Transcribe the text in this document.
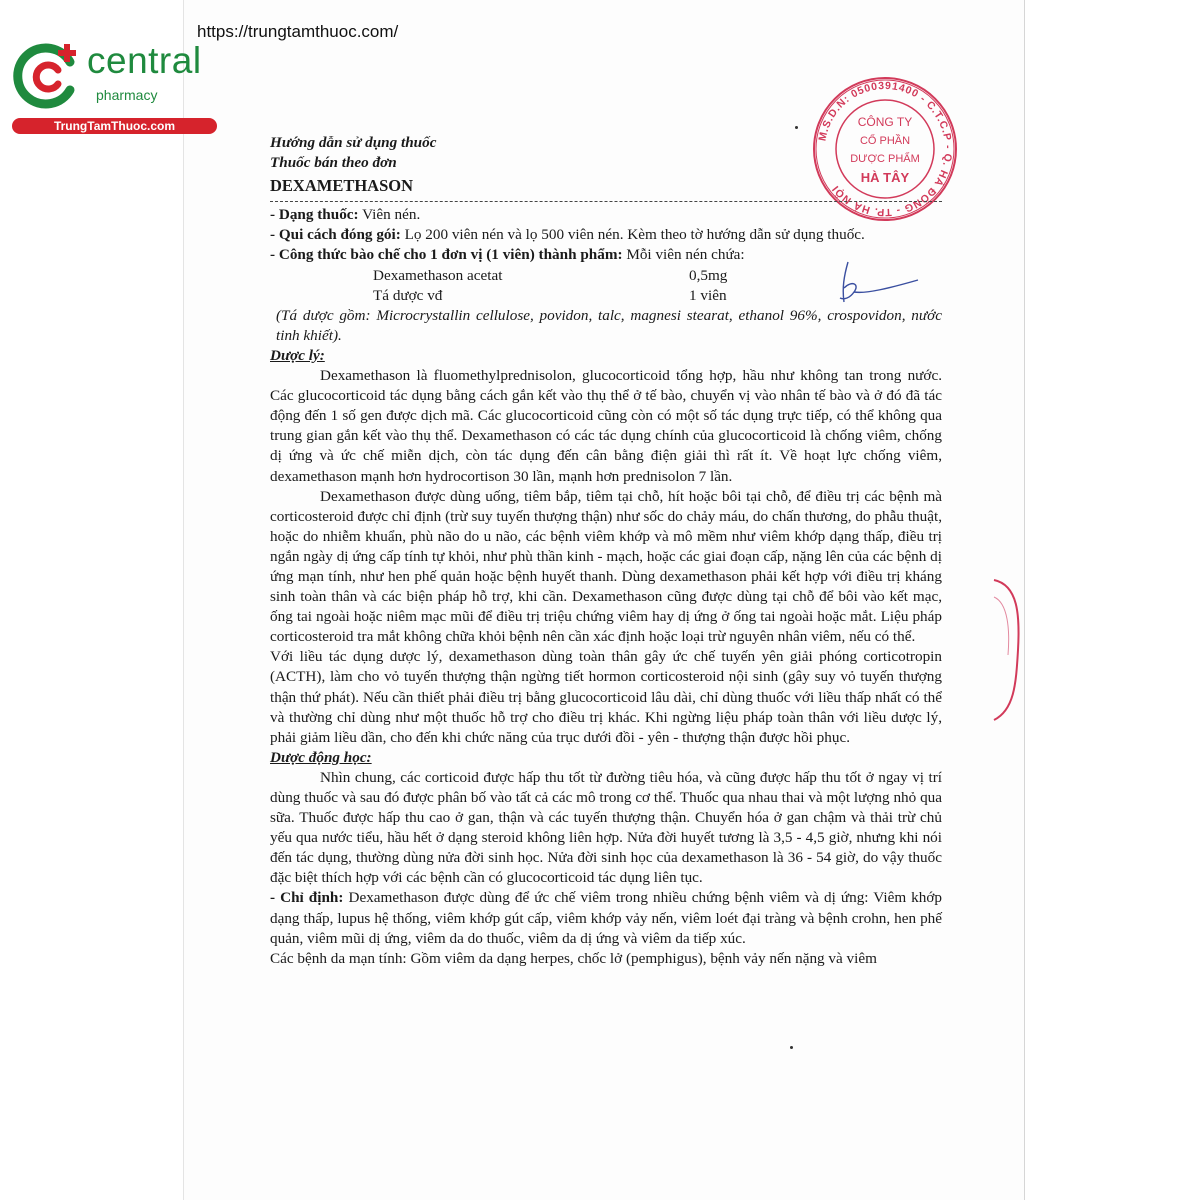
central
pharmacy
TrungTamThuoc.com
https://trungtamthuoc.com/
M.S.D.N: 0500391400 - C.T.C.P - Q. HÀ ĐÔNG - TP. HÀ NỘI
CÔNG TY
CỔ PHẦN
DƯỢC PHẨM
HÀ TÂY

Hướng dẫn sử dụng thuốc

Thuốc bán theo đơn

DEXAMETHASON

- Dạng thuốc: Viên nén.

- Qui cách đóng gói: Lọ 200 viên nén và lọ 500 viên nén. Kèm theo tờ hướng dẫn sử dụng thuốc.

- Công thức bào chế cho 1 đơn vị (1 viên) thành phẩm: Mỗi viên nén chứa:

Dexamethason acetat	0,5mg
Tá dược vđ	1 viên

(Tá dược gồm: Microcrystallin cellulose, povidon, talc, magnesi stearat, ethanol 96%, crospovidon, nước tinh khiết).

Dược lý:

Dexamethason là fluomethylprednisolon, glucocorticoid tổng hợp, hầu như không tan trong nước. Các glucocorticoid tác dụng bằng cách gắn kết vào thụ thể ở tế bào, chuyển vị vào nhân tế bào và ở đó đã tác động đến 1 số gen được dịch mã. Các glucocorticoid cũng còn có một số tác dụng trực tiếp, có thể không qua trung gian gắn kết vào thụ thể. Dexamethason có các tác dụng chính của glucocorticoid là chống viêm, chống dị ứng và ức chế miễn dịch, còn tác dụng đến cân bằng điện giải thì rất ít. Về hoạt lực chống viêm, dexamethason mạnh hơn hydrocortison 30 lần, mạnh hơn prednisolon 7 lần.

Dexamethason được dùng uống, tiêm bắp, tiêm tại chỗ, hít hoặc bôi tại chỗ, để điều trị các bệnh mà corticosteroid được chỉ định (trừ suy tuyến thượng thận) như sốc do chảy máu, do chấn thương, do phẫu thuật, hoặc do nhiễm khuẩn, phù não do u não, các bệnh viêm khớp và mô mềm như viêm khớp dạng thấp, điều trị ngắn ngày dị ứng cấp tính tự khỏi, như phù thần kinh - mạch, hoặc các giai đoạn cấp, nặng lên của các bệnh dị ứng mạn tính, như hen phế quản hoặc bệnh huyết thanh. Dùng dexamethason phải kết hợp với điều trị kháng sinh toàn thân và các biện pháp hỗ trợ, khi cần. Dexamethason cũng được dùng tại chỗ để bôi vào kết mạc, ống tai ngoài hoặc niêm mạc mũi để điều trị triệu chứng viêm hay dị ứng ở ống tai ngoài hoặc mắt. Liệu pháp corticosteroid tra mắt không chữa khỏi bệnh nên cần xác định hoặc loại trừ nguyên nhân viêm, nếu có thể.

Với liều tác dụng dược lý, dexamethason dùng toàn thân gây ức chế tuyến yên giải phóng corticotropin (ACTH), làm cho vỏ tuyến thượng thận ngừng tiết hormon corticosteroid nội sinh (gây suy vỏ tuyến thượng thận thứ phát). Nếu cần thiết phải điều trị bằng glucocorticoid lâu dài, chỉ dùng thuốc với liều thấp nhất có thể và thường chỉ dùng như một thuốc hỗ trợ cho điều trị khác. Khi ngừng liệu pháp toàn thân với liều dược lý, phải giảm liều dần, cho đến khi chức năng của trục dưới đồi - yên - thượng thận được hồi phục.

Dược động học:

Nhìn chung, các corticoid được hấp thu tốt từ đường tiêu hóa, và cũng được hấp thu tốt ở ngay vị trí dùng thuốc và sau đó được phân bố vào tất cả các mô trong cơ thể. Thuốc qua nhau thai và một lượng nhỏ qua sữa. Thuốc được hấp thu cao ở gan, thận và các tuyến thượng thận. Chuyển hóa ở gan chậm và thải trừ chủ yếu qua nước tiểu, hầu hết ở dạng steroid không liên hợp. Nửa đời huyết tương là 3,5 - 4,5 giờ, nhưng khi nói đến tác dụng, thường dùng nửa đời sinh học. Nửa đời sinh học của dexamethason là 36 - 54 giờ, do vậy thuốc đặc biệt thích hợp với các bệnh cần có glucocorticoid tác dụng liên tục.

- Chỉ định: Dexamethason được dùng để ức chế viêm trong nhiều chứng bệnh viêm và dị ứng: Viêm khớp dạng thấp, lupus hệ thống, viêm khớp gút cấp, viêm khớp vảy nến, viêm loét đại tràng và bệnh crohn, hen phế quản, viêm mũi dị ứng, viêm da do thuốc, viêm da dị ứng và viêm da tiếp xúc.

Các bệnh da mạn tính: Gồm viêm da dạng herpes, chốc lở (pemphigus), bệnh vảy nến nặng và viêm
